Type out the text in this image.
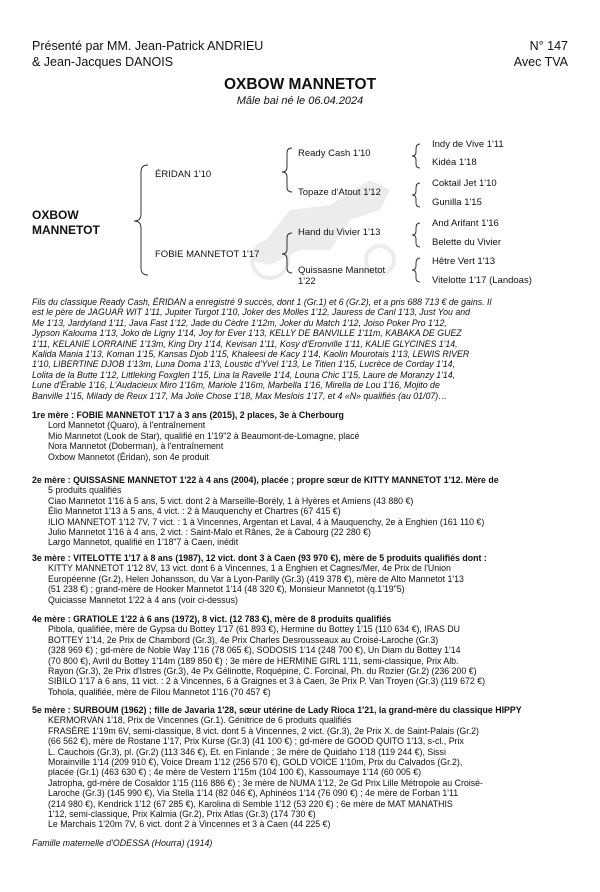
Présenté par MM. Jean-Patrick ANDRIEU
& Jean-Jacques DANOIS
N° 147
Avec TVA
OXBOW MANNETOT
Mâle bai né le 06.04.2024
OXBOW
MANNETOT
ÉRIDAN 1'10
FOBIE MANNETOT 1'17
Ready Cash 1'10
Topaze d'Atout 1'12
Hand du Vivier 1'13
Quissasne Mannetot
1'22
Indy de Vive 1'11
Kidéa 1'18
Coktail Jet 1'10
Gunilla 1'15
And Arifant 1'16
Belette du Vivier
Hêtre Vert 1'13
Vitelotte 1'17 (Landoas)
Fils du classique Ready Cash, ÉRIDAN a enregistré 9 succès, dont 1 (Gr.1) et 6 (Gr.2), et a pris 688 713 € de gains. Il
est le père de JAGUAR WIT 1'11, Jupiter Turgot 1'10, Joker des Molles 1'12, Jauress de Canl 1'13, Just You and
Me 1'13, Jardyland 1'11, Java Fast 1'12, Jade du Cèdre 1'12m, Joker du Match 1'12, Joiso Poker Pro 1'12,
Jypson Kalouma 1'13, Joko de Ligny 1'14, Joy for Ever 1'13, KELLY DE BANVILLE 1'11m, KABAKA DE GUEZ
1'11, KELANIE LORRAINE 1'13m, King Dry 1'14, Kevisan 1'11, Kosy d'Eronville 1'11, KALIE GLYCINES 1'14,
Kalida Mania 1'13, Koman 1'15, Kansas Djob 1'15, Khaleesi de Kacy 1'14, Kaolin Mourotais 1'13, LEWIS RIVER
1'10, LIBERTINE DJOB 1'13m, Luna Doma 1'13, Loustic d'Yvel 1'13, Le Titien 1'15, Lucrèce de Corday 1'14,
Lolita de la Butte 1'12, Littleking Foxglen 1'15, Lina la Ravelle 1'14, Louna Chic 1'15, Laure de Moranzy 1'14,
Lune d'Érable 1'16, L'Audacieux Miro 1'16m, Mariole 1'16m, Marbella 1'16, Mirella de Lou 1'16, Mojito de
Banville 1'15, Milady de Reux 1'17, Ma Jolie Chose 1'18, Max Meslois 1'17, et 4 «N» qualifiés (au 01/07)…
1re mère : FOBIE MANNETOT 1'17 à 3 ans (2015), 2 places, 3e à Cherbourg
Lord Mannetot (Quaro), à l'entraînement
Mio Mannetot (Look de Star), qualifié en 1'19"2 à Beaumont-de-Lomagne, placé
Nora Mannetot (Doberman), à l'entraînement
Oxbow Mannetot (Éridan), son 4e produit
2e mère : QUISSASNE MANNETOT 1'22 à 4 ans (2004), placée ; propre sœur de KITTY MANNETOT 1'12. Mère de
5 produits qualifiés
Ciao Mannetot 1'16 à 5 ans, 5 vict. dont 2 à Marseille-Borély, 1 à Hyères et Amiens (43 880 €)
Élio Mannetot 1'13 à 5 ans, 4 vict. : 2 à Mauquenchy et Chartres (67 415 €)
ILIO MANNETOT 1'12 7V, 7 vict. : 1 à Vincennes, Argentan et Laval, 4 à Mauquenchy, 2e à Enghien (161 110 €)
Julio Mannetot 1'16 à 4 ans, 2 vict. : Saint-Malo et Rânes, 2e à Cabourg (22 280 €)
Largo Mannetot, qualifié en 1'18"7 à Caen, inédit
3e mère : VITELOTTE 1'17 à 8 ans (1987), 12 vict. dont 3 à Caen (93 970 €), mère de 5 produits qualifiés dont :
KITTY MANNETOT 1'12 8V, 13 vict. dont 6 à Vincennes, 1 à Enghien et Cagnes/Mer, 4e Prix de l'Union
Européenne (Gr.2), Helen Johansson, du Var à Lyon-Parilly (Gr.3) (419 378 €), mère de Alto Mannetot 1'13
(51 238 €) ; grand-mère de Hooker Mannetot 1'14 (48 320 €), Monsieur Mannetot (q.1'19"5)
Quiciasse Mannetot 1'22 à 4 ans (voir ci-dessus)
4e mère : GRATIOLE 1'22 à 6 ans (1972), 8 vict. (12 783 €), mère de 8 produits qualifiés
Pibola, qualifiée, mère de Gypsa du Bottey 1'17 (61 893 €), Hermine du Bottey 1'15 (110 634 €), IRAS DU
BOTTEY 1'14, 2e Prix de Chambord (Gr.3), 4e Prix Charles Desrousseaux au Croisé-Laroche (Gr.3)
(328 969 €) ; gd-mère de Noble Way 1'16 (78 065 €), SODOSIS 1'14 (248 700 €), Un Diam du Bottey 1'14
(70 800 €), Avril du Bottey 1'14m (189 850 €) ; 3e mère de HERMINE GIRL 1'11, semi-classique, Prix Alb.
Rayon (Gr.3), 2e Prix d'Istres (Gr.3), 4e Px Gélinotte, Roquépine, C. Forcinal, Ph. du Rozier (Gr.2) (236 200 €)
SIBILO 1'17 à 6 ans, 11 vict. : 2 à Vincennes, 6 à Graignes et 3 à Caen, 3e Prix P. Van Troyen (Gr.3) (119 672 €)
Tohola, qualifiée, mère de Filou Mannetot 1'16 (70 457 €)
5e mère : SURBOUM (1962) ; fille de Javaria 1'28, sœur utérine de Lady Rioca 1'21, la grand-mère du classique HIPPY
KERMORVAN 1'18, Prix de Vincennes (Gr.1). Génitrice de 6 produits qualifiés
FRASÈRE 1'19m 6V, semi-classique, 8 vict. dont 5 à Vincennes, 2 vict. (Gr.3), 2e Prix X. de Saint-Palais (Gr.2)
(66 562 €), mère de Rostane 1'17, Prix Kurse (Gr.3) (41 100 €) ; gd-mère de GOOD QUITO 1'13, s-cl., Prix
L. Cauchois (Gr.3), pl. (Gr.2) (113 346 €), Et. en Finlande ; 3e mère de Quidaho 1'18 (119 244 €), Sissi
Morainville 1'14 (209 910 €), Voice Dream 1'12 (256 570 €), GOLD VOICE 1'10m, Prix du Calvados (Gr.2),
placée (Gr.1) (463 630 €) ; 4e mère de Vestern 1'15m (104 100 €), Kassoumaye 1'14 (60 005 €)
Jatropha, gd-mère de Cosaldor 1'15 (116 886 €) ; 3e mère de NUMA 1'12, 2e Gd Prix Lille Métropole au Croisé-
Laroche (Gr.3) (145 990 €), Via Stella 1'14 (82 046 €), Aphinéos 1'14 (76 090 €) ; 4e mère de Forban 1'11
(214 980 €), Kendrick 1'12 (67 285 €), Karolina di Semble 1'12 (53 220 €) ; 6e mère de MAT MANATHIS
1'12, semi-classique, Prix Kalmia (Gr.2), Prix Atlas (Gr.3) (174 730 €)
Le Marchais 1'20m 7V, 6 vict. dont 2 à Vincennes et 3 à Caen (44 225 €)
Famille maternelle d'ODESSA (Hourra) (1914)
